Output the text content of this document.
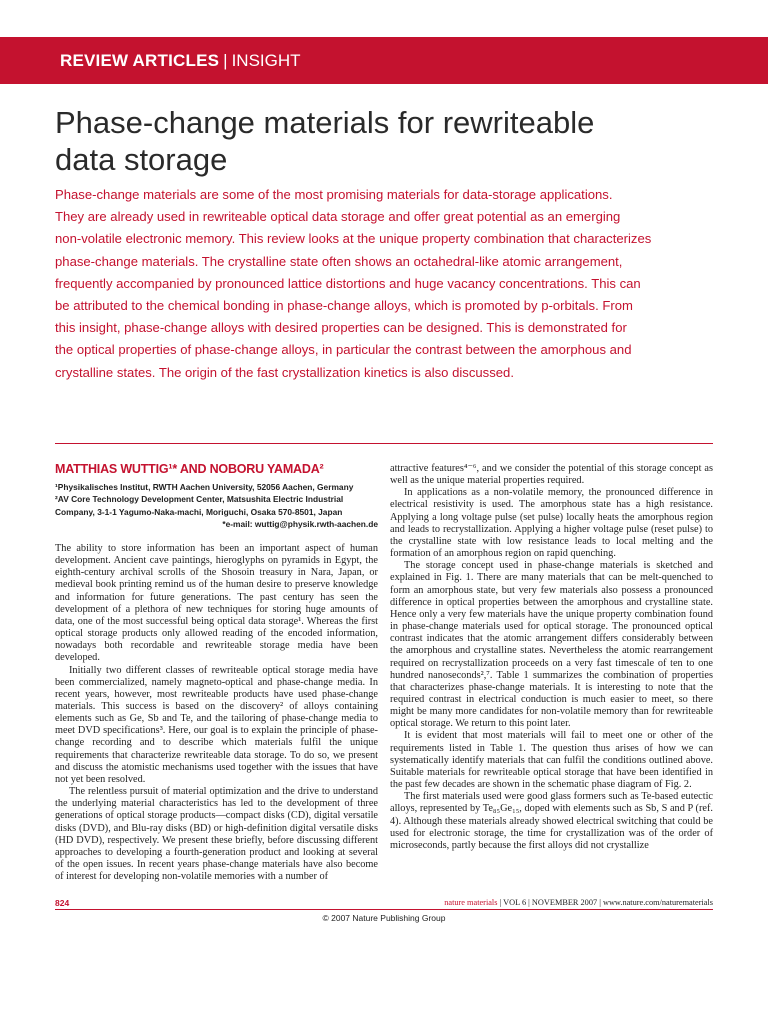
REVIEW ARTICLES | INSIGHT
Phase-change materials for rewriteable
data storage

Phase-change materials are some of the most promising materials for data-storage applications.

They are already used in rewriteable optical data storage and offer great potential as an emerging

non-volatile electronic memory. This review looks at the unique property combination that characterizes

phase-change materials. The crystalline state often shows an octahedral-like atomic arrangement,

frequently accompanied by pronounced lattice distortions and huge vacancy concentrations. This can

be attributed to the chemical bonding in phase-change alloys, which is promoted by p-orbitals. From

this insight, phase-change alloys with desired properties can be designed. This is demonstrated for

the optical properties of phase-change alloys, in particular the contrast between the amorphous and

crystalline states. The origin of the fast crystallization kinetics is also discussed.

MATTHIAS WUTTIG¹* AND NOBORU YAMADA²

¹Physikalisches Institut, RWTH Aachen University, 52056 Aachen, Germany

²AV Core Technology Development Center, Matsushita Electric Industrial

Company, 3-1-1 Yagumo-Naka-machi, Moriguchi, Osaka 570-8501, Japan

*e-mail: wuttig@physik.rwth-aachen.de

The ability to store information has been an important aspect of human development. Ancient cave paintings, hieroglyphs on pyramids in Egypt, the eighth-century archival scrolls of the Shosoin treasury in Nara, Japan, or medieval book printing remind us of the human desire to preserve knowledge and information for future generations. The past century has seen the development of a plethora of new techniques for storing huge amounts of data, one of the most successful being optical data storage¹. Whereas the first optical storage products only allowed reading of the encoded information, nowadays both recordable and rewriteable storage media have been developed.

Initially two different classes of rewriteable optical storage media have been commercialized, namely magneto-optical and phase-change media. In recent years, however, most rewriteable products have used phase-change materials. This success is based on the discovery² of alloys containing elements such as Ge, Sb and Te, and the tailoring of phase-change media to meet DVD specifications³. Here, our goal is to explain the principle of phase-change recording and to describe which materials fulfil the unique requirements that characterize rewriteable data storage. To do so, we present and discuss the atomistic mechanisms used together with the issues that have not yet been resolved.

The relentless pursuit of material optimization and the drive to understand the underlying material characteristics has led to the development of three generations of optical storage products—compact disks (CD), digital versatile disks (DVD), and Blu-ray disks (BD) or high-definition digital versatile disks (HD DVD), respectively. We present these briefly, before discussing different approaches to developing a fourth-generation product and looking at several of the open issues. In recent years phase-change materials have also become of interest for developing non-volatile memories with a number of

attractive features⁴⁻⁶, and we consider the potential of this storage concept as well as the unique material properties required.

In applications as a non-volatile memory, the pronounced difference in electrical resistivity is used. The amorphous state has a high resistance. Applying a long voltage pulse (set pulse) locally heats the amorphous region and leads to recrystallization. Applying a higher voltage pulse (reset pulse) to the crystalline state with low resistance leads to local melting and the formation of an amorphous region on rapid quenching.

The storage concept used in phase-change materials is sketched and explained in Fig. 1. There are many materials that can be melt-quenched to form an amorphous state, but very few materials also possess a pronounced difference in optical properties between the amorphous and crystalline state. Hence only a very few materials have the unique property combination found in phase-change materials used for optical storage. The pronounced optical contrast indicates that the atomic arrangement differs considerably between the amorphous and crystalline states. Nevertheless the atomic rearrangement required on recrystallization proceeds on a very fast timescale of ten to one hundred nanoseconds²,⁷. Table 1 summarizes the combination of properties that characterizes phase-change materials. It is interesting to note that the required contrast in electrical conduction is much easier to meet, so there might be many more candidates for non-volatile memory than for rewriteable optical storage. We return to this point later.

It is evident that most materials will fail to meet one or other of the requirements listed in Table 1. The question thus arises of how we can systematically identify materials that can fulfil the conditions outlined above. Suitable materials for rewriteable optical storage that have been identified in the past few decades are shown in the schematic phase diagram of Fig. 2.

The first materials used were good glass formers such as Te-based eutectic alloys, represented by Te₈₅Ge₁₅, doped with elements such as Sb, S and P (ref. 4). Although these materials already showed electrical switching that could be used for electronic storage, the time for crystallization was of the order of microseconds, partly because the first alloys did not crystallize

824	nature materials | VOL 6 | NOVEMBER 2007 | www.nature.com/naturematerials
© 2007 Nature Publishing Group
